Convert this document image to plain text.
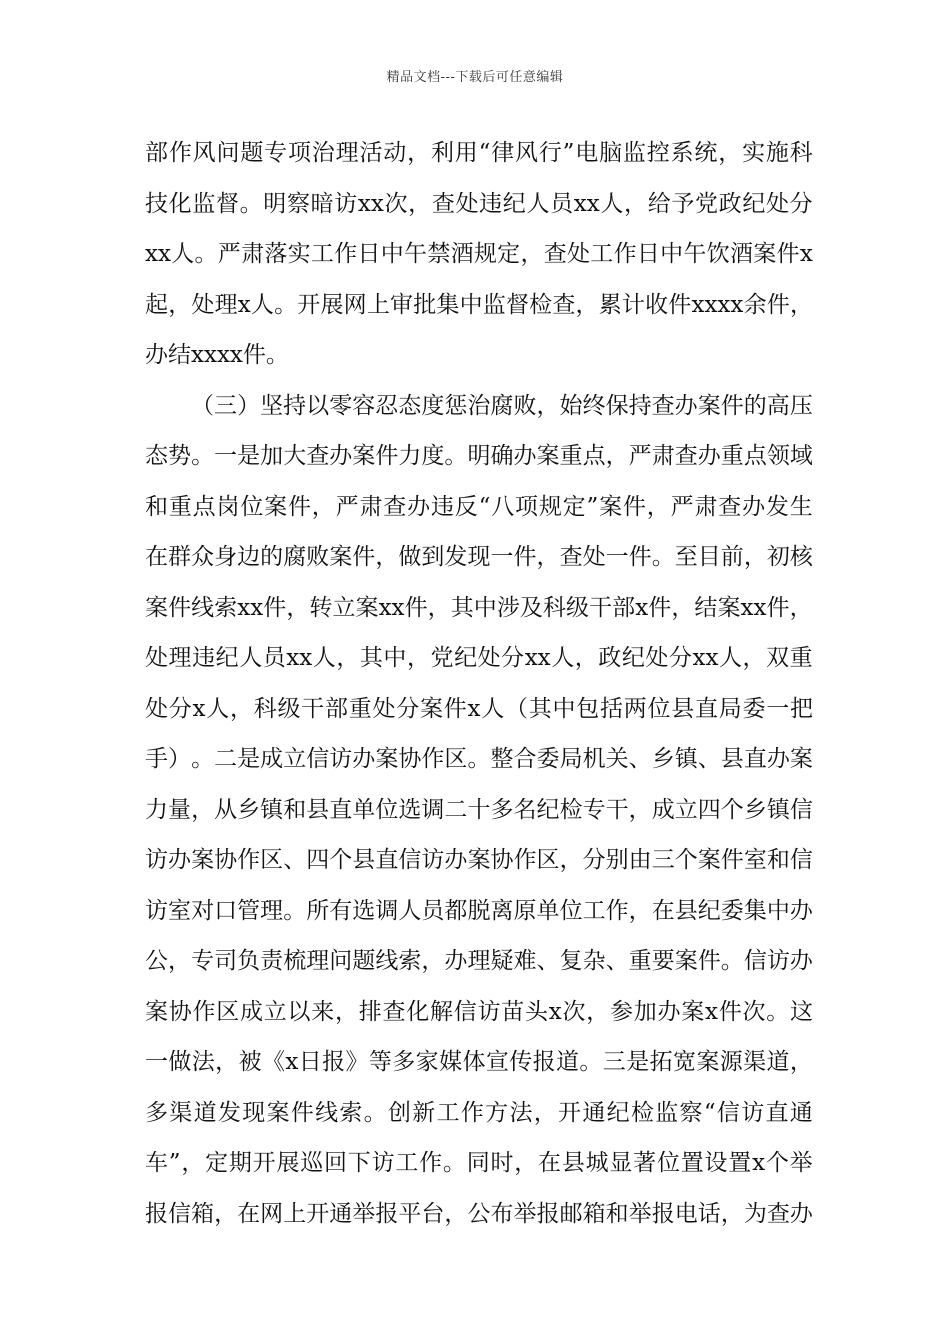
精品文档---下载后可任意编辑
部 作 风 问 题 专 项 治 理 活 动 ， 利 用 “ 律 风 行 ” 电 脑 监 控 系 统 ， 实 施 科
技 化 监 督 。 明 察 暗 访 xx 次 ， 查 处 违 纪 人 员 xx 人 ， 给 予 党 政 纪 处 分
xx 人 。 严 肃 落 实 工 作 日 中 午 禁 酒 规 定 ， 查 处 工 作 日 中 午 饮 酒 案 件 x
起 ， 处 理 x 人 。 开 展 网 上 审 批 集 中 监 督 检 查 ， 累 计 收 件 xxxx 余 件 ，
办 结 xxxx 件 。
（ 三 ） 坚 持 以 零 容 忍 态 度 惩 治 腐 败 ， 始 终 保 持 查 办 案 件 的 高 压
态 势 。 一 是 加 大 查 办 案 件 力 度 。 明 确 办 案 重 点 ， 严 肃 查 办 重 点 领 域
和 重 点 岗 位 案 件 ， 严 肃 查 办 违 反 “ 八 项 规 定 ” 案 件 ， 严 肃 查 办 发 生
在 群 众 身 边 的 腐 败 案 件 ， 做 到 发 现 一 件 ， 查 处 一 件 。 至 目 前 ， 初 核
案 件 线 索 xx 件 ， 转 立 案 xx 件 ， 其 中 涉 及 科 级 干 部 x 件 ， 结 案 xx 件 ，
处 理 违 纪 人 员 xx 人 ， 其 中 ， 党 纪 处 分 xx 人 ， 政 纪 处 分 xx 人 ， 双 重
处 分 x 人 ， 科 级 干 部 重 处 分 案 件 x 人 （ 其 中 包 括 两 位 县 直 局 委 一 把
手 ） 。 二 是 成 立 信 访 办 案 协 作 区 。 整 合 委 局 机 关 、 乡 镇 、 县 直 办 案
力 量 ， 从 乡 镇 和 县 直 单 位 选 调 二 十 多 名 纪 检 专 干 ， 成 立 四 个 乡 镇 信
访 办 案 协 作 区 、 四 个 县 直 信 访 办 案 协 作 区 ， 分 别 由 三 个 案 件 室 和 信
访 室 对 口 管 理 。 所 有 选 调 人 员 都 脱 离 原 单 位 工 作 ， 在 县 纪 委 集 中 办
公 ， 专 司 负 责 梳 理 问 题 线 索 ， 办 理 疑 难 、 复 杂 、 重 要 案 件 。 信 访 办
案 协 作 区 成 立 以 来 ， 排 查 化 解 信 访 苗 头 x 次 ， 参 加 办 案 x 件 次 。 这
一 做 法 ， 被 《 x 日 报 》 等 多 家 媒 体 宣 传 报 道 。 三 是 拓 宽 案 源 渠 道 ，
多 渠 道 发 现 案 件 线 索 。 创 新 工 作 方 法 ， 开 通 纪 检 监 察 “ 信 访 直 通
车 ” ， 定 期 开 展 巡 回 下 访 工 作 。 同 时 ， 在 县 城 显 著 位 置 设 置 x 个 举
报 信 箱 ， 在 网 上 开 通 举 报 平 台 ， 公 布 举 报 邮 箱 和 举 报 电 话 ， 为 查 办
